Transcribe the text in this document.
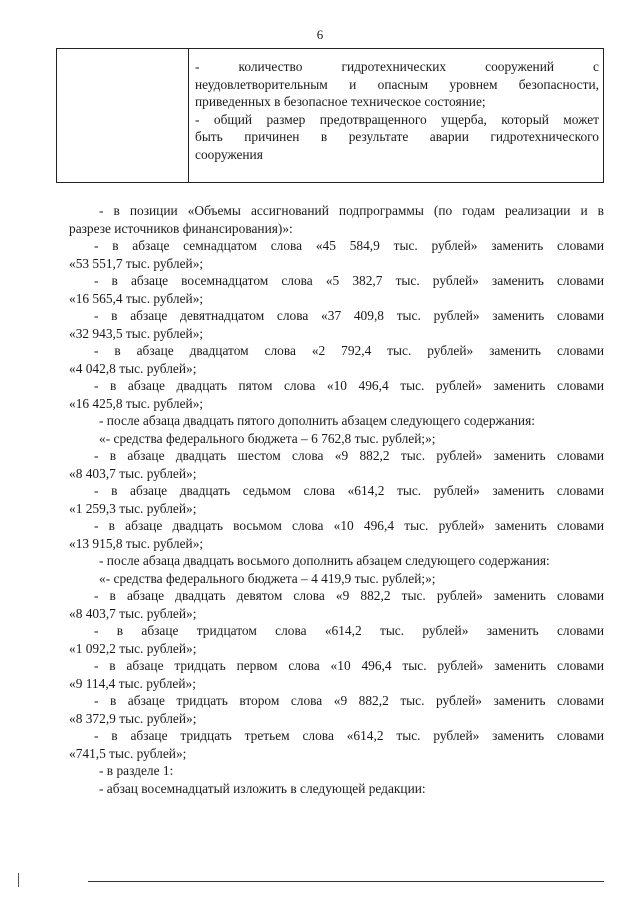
6
- количество гидротехнических сооружений с
неудовлетворительным и опасным уровнем безопасности,
приведенных в безопасное техническое состояние;
- общий размер предотвращенного ущерба, который может
быть причинен в результате аварии гидротехнического
сооружения
- в позиции «Объемы ассигнований подпрограммы (по годам реализации и в
разрезе источников финансирования)»:
- в абзаце семнадцатом слова «45 584,9 тыс. рублей» заменить словами
«53 551,7 тыс. рублей»;
- в абзаце восемнадцатом слова «5 382,7 тыс. рублей» заменить словами
«16 565,4 тыс. рублей»;
- в абзаце девятнадцатом слова «37 409,8 тыс. рублей» заменить словами
«32 943,5 тыс. рублей»;
- в абзаце двадцатом слова «2 792,4 тыс. рублей» заменить словами
«4 042,8 тыс. рублей»;
- в абзаце двадцать пятом слова «10 496,4 тыс. рублей» заменить словами
«16 425,8 тыс. рублей»;
- после абзаца двадцать пятого дополнить абзацем следующего содержания:
«- средства федерального бюджета – 6 762,8 тыс. рублей;»;
- в абзаце двадцать шестом слова «9 882,2 тыс. рублей» заменить словами
«8 403,7 тыс. рублей»;
- в абзаце двадцать седьмом слова «614,2 тыс. рублей» заменить словами
«1 259,3 тыс. рублей»;
- в абзаце двадцать восьмом слова «10 496,4 тыс. рублей» заменить словами
«13 915,8 тыс. рублей»;
- после абзаца двадцать восьмого дополнить абзацем следующего содержания:
«- средства федерального бюджета – 4 419,9 тыс. рублей;»;
- в абзаце двадцать девятом слова «9 882,2 тыс. рублей» заменить словами
«8 403,7 тыс. рублей»;
- в абзаце тридцатом слова «614,2 тыс. рублей» заменить словами
«1 092,2 тыс. рублей»;
- в абзаце тридцать первом слова «10 496,4 тыс. рублей» заменить словами
«9 114,4 тыс. рублей»;
- в абзаце тридцать втором слова «9 882,2 тыс. рублей» заменить словами
«8 372,9 тыс. рублей»;
- в абзаце тридцать третьем слова «614,2 тыс. рублей» заменить словами
«741,5 тыс. рублей»;
- в разделе 1:
- абзац восемнадцатый изложить в следующей редакции:
